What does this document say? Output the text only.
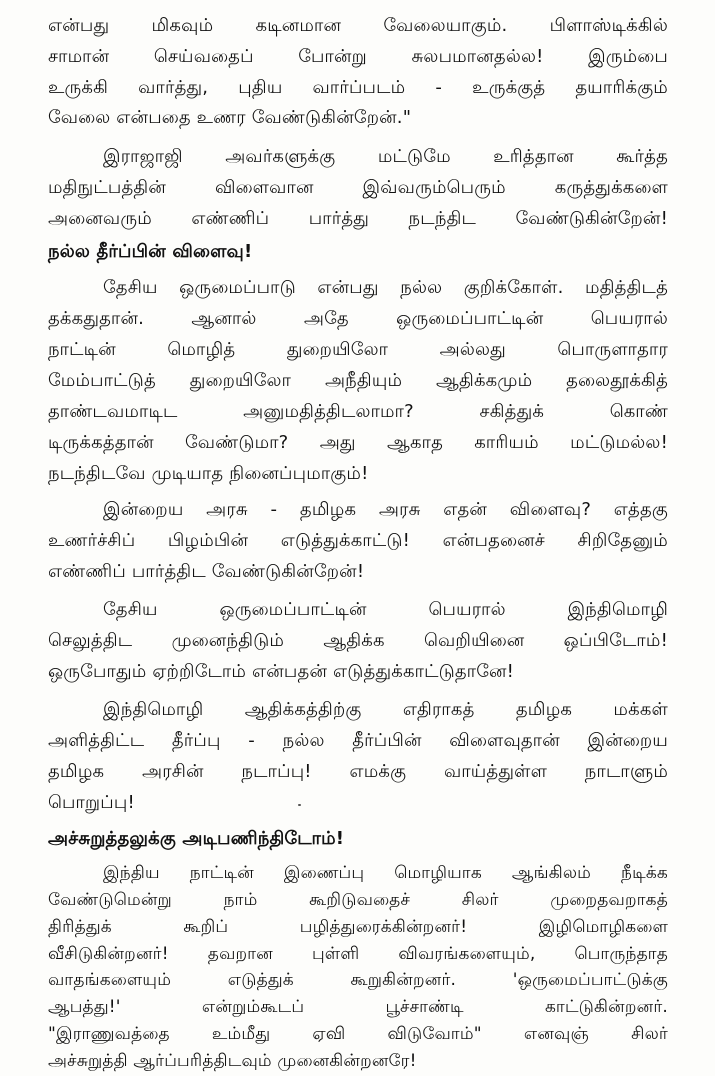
என்பது மிகவும் கடினமான வேலையாகும். பிளாஸ்டிக்கில்
சாமான் செய்வதைப் போன்று சுலபமானதல்ல! இரும்பை
உருக்கி வார்த்து, புதிய வார்ப்படம் - உருக்குத் தயாரிக்கும்
வேலை என்பதை உணர வேண்டுகின்றேன்."
இராஜாஜி அவர்களுக்கு மட்டுமே உரித்தான கூர்த்த
மதிநுட்பத்தின் விளைவான இவ்வரும்பெரும் கருத்துக்களை
அனைவரும் எண்ணிப் பார்த்து நடந்திட வேண்டுகின்றேன்!
நல்ல தீர்ப்பின் விளைவு!
தேசிய ஒருமைப்பாடு என்பது நல்ல குறிக்கோள். மதித்திடத்
தக்கதுதான். ஆனால் அதே ஒருமைப்பாட்டின் பெயரால்
நாட்டின் மொழித் துறையிலோ அல்லது பொருளாதார
மேம்பாட்டுத் துறையிலோ அநீதியும் ஆதிக்கமும் தலைதூக்கித்
தாண்டவமாடிட அனுமதித்திடலாமா? சகித்துக் கொண்
டிருக்கத்தான் வேண்டுமா? அது ஆகாத காரியம் மட்டுமல்ல!
நடந்திடவே முடியாத நினைப்புமாகும்!
இன்றைய அரசு - தமிழக அரசு எதன் விளைவு? எத்தகு
உணர்ச்சிப் பிழம்பின் எடுத்துக்காட்டு! என்பதனைச் சிறிதேனும்
எண்ணிப் பார்த்திட வேண்டுகின்றேன்!
தேசிய ஒருமைப்பாட்டின் பெயரால் இந்திமொழி
செலுத்திட முனைந்திடும் ஆதிக்க வெறியினை ஒப்பிடோம்!
ஒருபோதும் ஏற்றிடோம் என்பதன் எடுத்துக்காட்டுதானே!
இந்திமொழி ஆதிக்கத்திற்கு எதிராகத் தமிழக மக்கள்
அளித்திட்ட தீர்ப்பு - நல்ல தீர்ப்பின் விளைவுதான் இன்றைய
தமிழக அரசின் நடாப்பு! எமக்கு வாய்த்துள்ள நாடாளும்
பொறுப்பு!
அச்சுறுத்தலுக்கு அடிபணிந்திடோம்!
இந்திய நாட்டின் இணைப்பு மொழியாக ஆங்கிலம் நீடிக்க
வேண்டுமென்று நாம் கூறிடுவதைச் சிலர் முறைதவறாகத்
திரித்துக் கூறிப் பழித்துரைக்கின்றனர்! இழிமொழிகளை
வீசிடுகின்றனர்! தவறான புள்ளி விவரங்களையும், பொருந்தாத
வாதங்களையும் எடுத்துக் கூறுகின்றனர். 'ஒருமைப்பாட்டுக்கு
ஆபத்து!' என்றும்கூடப் பூச்சாண்டி காட்டுகின்றனர்.
"இராணுவத்தை உம்மீது ஏவி விடுவோம்" எனவுஞ் சிலர்
அச்சுறுத்தி ஆர்ப்பரித்திடவும் முனைகின்றனரே!
